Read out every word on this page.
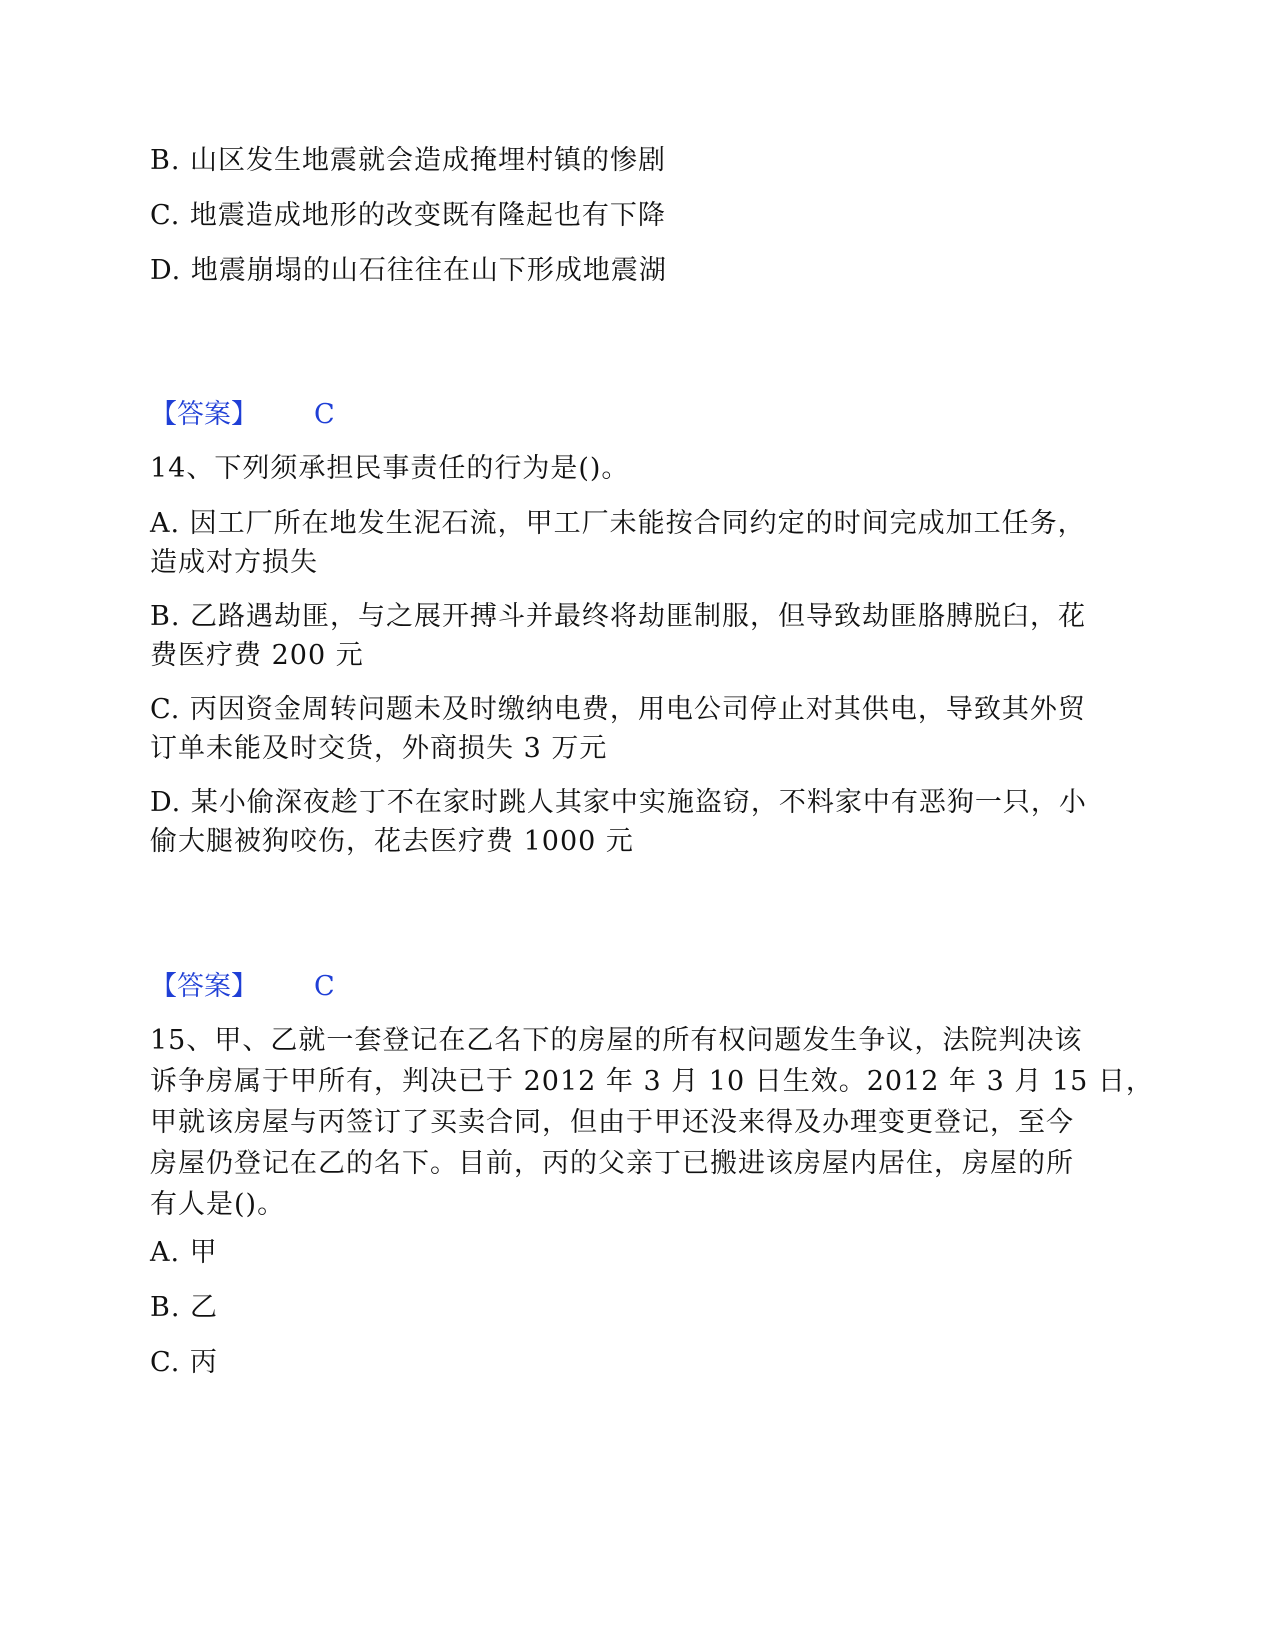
B. 山区发生地震就会造成掩埋村镇的惨剧
C. 地震造成地形的改变既有隆起也有下降
D. 地震崩塌的山石往往在山下形成地震湖
【答案】 C
14、下列须承担民事责任的行为是()。
A. 因工厂所在地发生泥石流，甲工厂未能按合同约定的时间完成加工任务，
造成对方损失
B. 乙路遇劫匪，与之展开搏斗并最终将劫匪制服，但导致劫匪胳膊脱臼，花
费医疗费 200 元
C. 丙因资金周转问题未及时缴纳电费，用电公司停止对其供电，导致其外贸
订单未能及时交货，外商损失 3 万元
D. 某小偷深夜趁丁不在家时跳人其家中实施盗窃，不料家中有恶狗一只，小
偷大腿被狗咬伤，花去医疗费 1000 元
【答案】 C
15、甲、乙就一套登记在乙名下的房屋的所有权问题发生争议，法院判决该
诉争房属于甲所有，判决已于 2012 年 3 月 10 日生效。2012 年 3 月 15 日，
甲就该房屋与丙签订了买卖合同，但由于甲还没来得及办理变更登记，至今
房屋仍登记在乙的名下。目前，丙的父亲丁已搬进该房屋内居住，房屋的所
有人是()。
A. 甲
B. 乙
C. 丙
